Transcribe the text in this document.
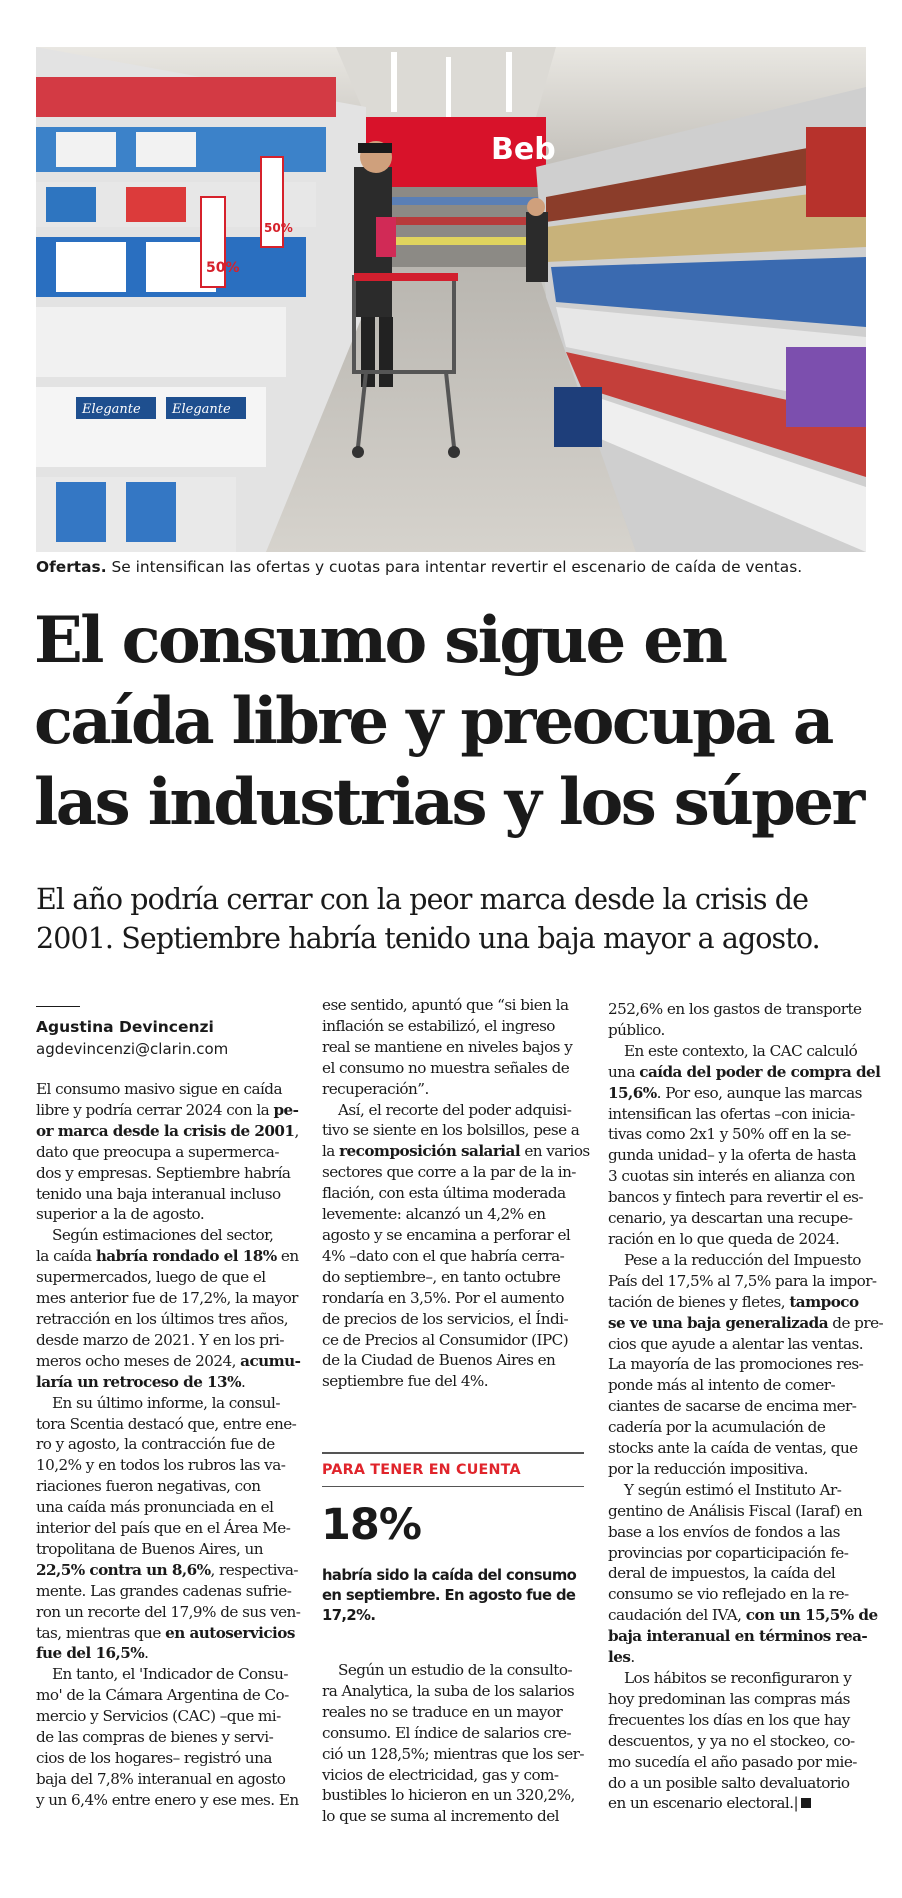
Beb
50%
50%
Elegante Elegante
Ofertas. Se intensifican las ofertas y cuotas para intentar revertir el escenario de caída de ventas.
El consumo sigue en
caída libre y preocupa a
las industrias y los súper
El año podría cerrar con la peor marca desde la crisis de
2001. Septiembre habría tenido una baja mayor a agosto.
Agustina Devincenzi
agdevincenzi@clarin.com
El consumo masivo sigue en caída
libre y podría cerrar 2024 con la pe-
or marca desde la crisis de 2001,
dato que preocupa a supermerca-
dos y empresas. Septiembre habría
tenido una baja interanual incluso
superior a la de agosto.
Según estimaciones del sector,
la caída habría rondado el 18% en
supermercados, luego de que el
mes anterior fue de 17,2%, la mayor
retracción en los últimos tres años,
desde marzo de 2021. Y en los pri-
meros ocho meses de 2024, acumu-
laría un retroceso de 13%.
En su último informe, la consul-
tora Scentia destacó que, entre ene-
ro y agosto, la contracción fue de
10,2% y en todos los rubros las va-
riaciones fueron negativas, con
una caída más pronunciada en el
interior del país que en el Área Me-
tropolitana de Buenos Aires, un
22,5% contra un 8,6%, respectiva-
mente. Las grandes cadenas sufrie-
ron un recorte del 17,9% de sus ven-
tas, mientras que en autoservicios
fue del 16,5%.
En tanto, el 'Indicador de Consu-
mo' de la Cámara Argentina de Co-
mercio y Servicios (CAC) –que mi-
de las compras de bienes y servi-
cios de los hogares– registró una
baja del 7,8% interanual en agosto
y un 6,4% entre enero y ese mes. En
ese sentido, apuntó que “si bien la
inflación se estabilizó, el ingreso
real se mantiene en niveles bajos y
el consumo no muestra señales de
recuperación”.
Así, el recorte del poder adquisi-
tivo se siente en los bolsillos, pese a
la recomposición salarial en varios
sectores que corre a la par de la in-
flación, con esta última moderada
levemente: alcanzó un 4,2% en
agosto y se encamina a perforar el
4% –dato con el que habría cerra-
do septiembre–, en tanto octubre
rondaría en 3,5%. Por el aumento
de precios de los servicios, el Índi-
ce de Precios al Consumidor (IPC)
de la Ciudad de Buenos Aires en
septiembre fue del 4%.
PARA TENER EN CUENTA
18%
habría sido la caída del consumo
en septiembre. En agosto fue de
17,2%.
Según un estudio de la consulto-
ra Analytica, la suba de los salarios
reales no se traduce en un mayor
consumo. El índice de salarios cre-
ció un 128,5%; mientras que los ser-
vicios de electricidad, gas y com-
bustibles lo hicieron en un 320,2%,
lo que se suma al incremento del
252,6% en los gastos de transporte
público.
En este contexto, la CAC calculó
una caída del poder de compra del
15,6%. Por eso, aunque las marcas
intensifican las ofertas –con inicia-
tivas como 2x1 y 50% off en la se-
gunda unidad– y la oferta de hasta
3 cuotas sin interés en alianza con
bancos y fintech para revertir el es-
cenario, ya descartan una recupe-
ración en lo que queda de 2024.
Pese a la reducción del Impuesto
País del 17,5% al 7,5% para la impor-
tación de bienes y fletes, tampoco
se ve una baja generalizada de pre-
cios que ayude a alentar las ventas.
La mayoría de las promociones res-
ponde más al intento de comer-
ciantes de sacarse de encima mer-
cadería por la acumulación de
stocks ante la caída de ventas, que
por la reducción impositiva.
Y según estimó el Instituto Ar-
gentino de Análisis Fiscal (Iaraf) en
base a los envíos de fondos a las
provincias por coparticipación fe-
deral de impuestos, la caída del
consumo se vio reflejado en la re-
caudación del IVA, con un 15,5% de
baja interanual en términos rea-
les.
Los hábitos se reconfiguraron y
hoy predominan las compras más
frecuentes los días en los que hay
descuentos, y ya no el stockeo, co-
mo sucedía el año pasado por mie-
do a un posible salto devaluatorio
en un escenario electoral.|
